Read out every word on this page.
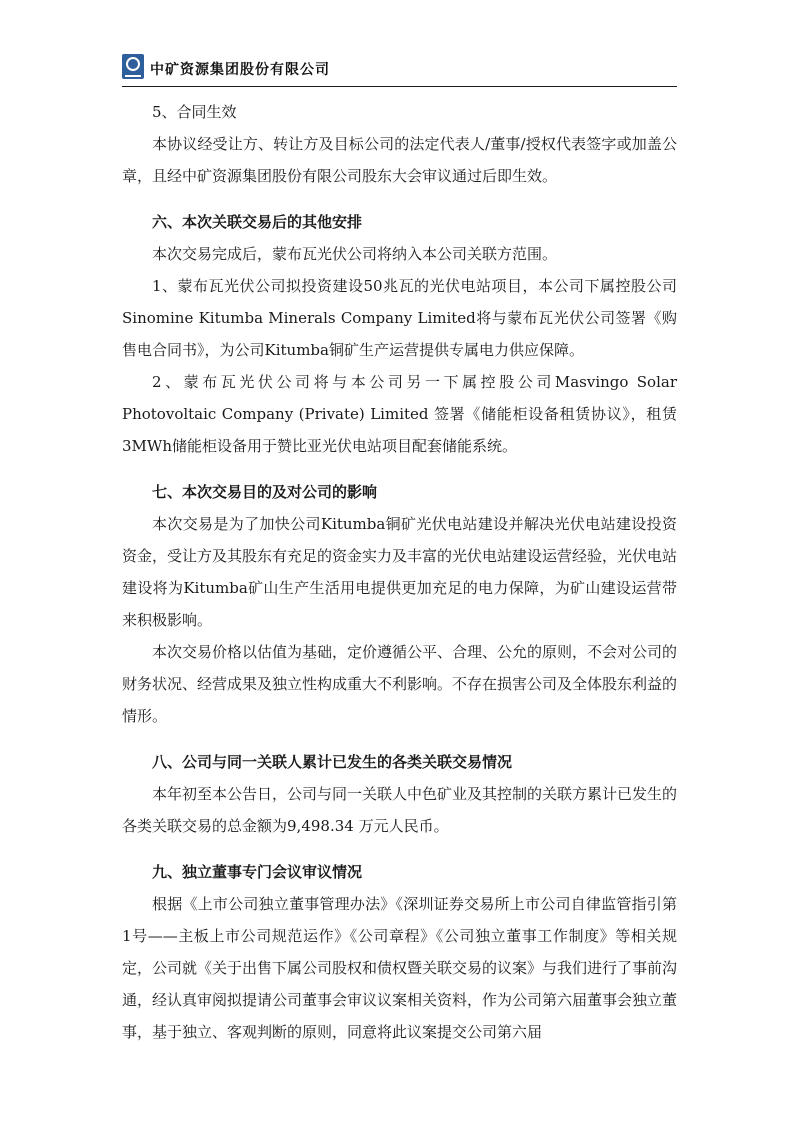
中矿资源集团股份有限公司

5、合同生效

本协议经受让方、转让方及目标公司的法定代表人/董事/授权代表签字或加盖公章，且经中矿资源集团股份有限公司股东大会审议通过后即生效。

六、本次关联交易后的其他安排

本次交易完成后，蒙布瓦光伏公司将纳入本公司关联方范围。

1、蒙布瓦光伏公司拟投资建设50兆瓦的光伏电站项目，本公司下属控股公司Sinomine Kitumba Minerals Company Limited将与蒙布瓦光伏公司签署《购售电合同书》，为公司Kitumba铜矿生产运营提供专属电力供应保障。

2、蒙布瓦光伏公司将与本公司另一下属控股公司Masvingo Solar Photovoltaic Company (Private) Limited 签署《储能柜设备租赁协议》，租赁3MWh储能柜设备用于赞比亚光伏电站项目配套储能系统。

七、本次交易目的及对公司的影响

本次交易是为了加快公司Kitumba铜矿光伏电站建设并解决光伏电站建设投资资金，受让方及其股东有充足的资金实力及丰富的光伏电站建设运营经验，光伏电站建设将为Kitumba矿山生产生活用电提供更加充足的电力保障，为矿山建设运营带来积极影响。

本次交易价格以估值为基础，定价遵循公平、合理、公允的原则，不会对公司的财务状况、经营成果及独立性构成重大不利影响。不存在损害公司及全体股东利益的情形。

八、公司与同一关联人累计已发生的各类关联交易情况

本年初至本公告日，公司与同一关联人中色矿业及其控制的关联方累计已发生的各类关联交易的总金额为9,498.34 万元人民币。

九、独立董事专门会议审议情况

根据《上市公司独立董事管理办法》《深圳证券交易所上市公司自律监管指引第1号——主板上市公司规范运作》《公司章程》《公司独立董事工作制度》等相关规定，公司就《关于出售下属公司股权和债权暨关联交易的议案》与我们进行了事前沟通，经认真审阅拟提请公司董事会审议议案相关资料，作为公司第六届董事会独立董事，基于独立、客观判断的原则，同意将此议案提交公司第六届
